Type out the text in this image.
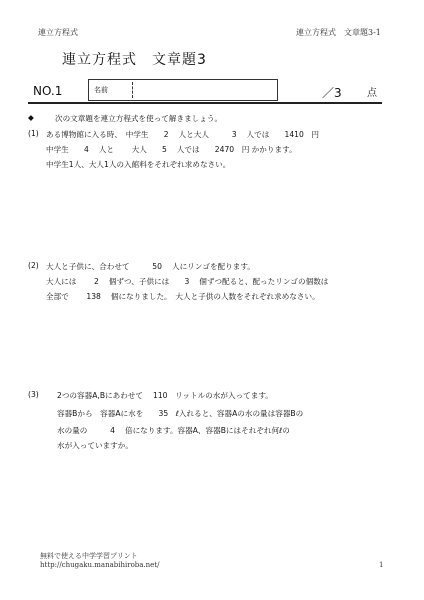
連立方程式	連立方程式　文章題3-1
連立方程式　文章題3
NO.1	名前	／3	点
◆	次の文章題を連立方程式を使って解きましょう。
(1) ある博物館に入る時、　中学生　　2　 人と大人　　　3　 人では　　1410　円
中学生　　4　 人と　　 大人　　5　 人では　　2470　円 かかります。
中学生1人、大人1人の入館料をそれぞれ求めなさい。
(2) 大人と子供に、合わせて　　　50　 人にリンゴを配ります。
大人には　　 2　 個ずつ、子供には　　3　 個ずつ配ると、配ったリンゴの個数は
全部で　　 138　 個になりました。　大人と子供の人数をそれぞれ求めなさい。
(3) 2つの容器A,Bにあわせて　 110　リットルの水が入ってます。
容器Bから　容器Aに水を　　35　ℓ入れると、容器Aの水の量は容器Bの
水の量の　　　4　 倍になります。容器A、容器Bにはそれぞれ何ℓの
水が入っていますか。
無料で使える中学学習プリント
http://chugaku.manabihiroba.net/	1
